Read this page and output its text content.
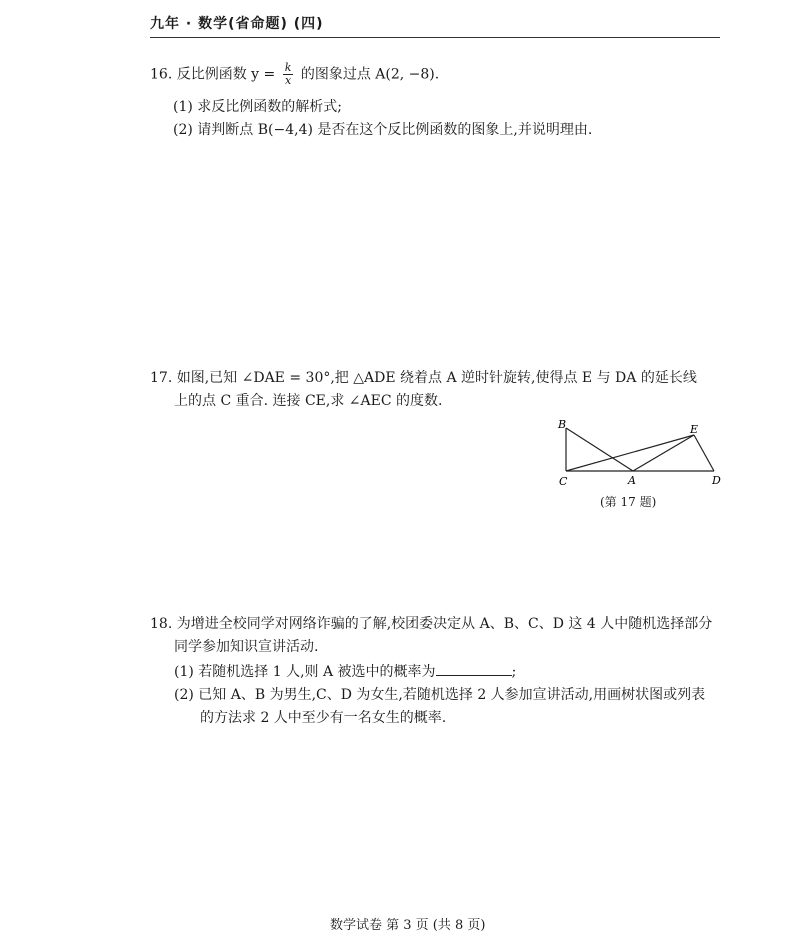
九年 · 数学(省命题) (四)
16. 反比例函数 $y = \frac{k}{x}$ 的图象过点 A(2, −8).
(1) 求反比例函数的解析式;
(2) 请判断点 B(−4,4) 是否在这个反比例函数的图象上,并说明理由.
17. 如图,已知 ∠DAE = 30°,把 △ADE 绕着点 A 逆时针旋转,使得点 E 与 DA 的延长线
上的点 C 重合. 连接 CE,求 ∠AEC 的度数.
B	E
C	A	D
(第 17 题)
18. 为增进全校同学对网络诈骗的了解,校团委决定从 A、B、C、D 这 4 人中随机选择部分
同学参加知识宣讲活动.
(1) 若随机选择 1 人,则 A 被选中的概率为	;
(2) 已知 A、B 为男生,C、D 为女生,若随机选择 2 人参加宣讲活动,用画树状图或列表
的方法求 2 人中至少有一名女生的概率.
数学试卷 第 3 页 (共 8 页)
